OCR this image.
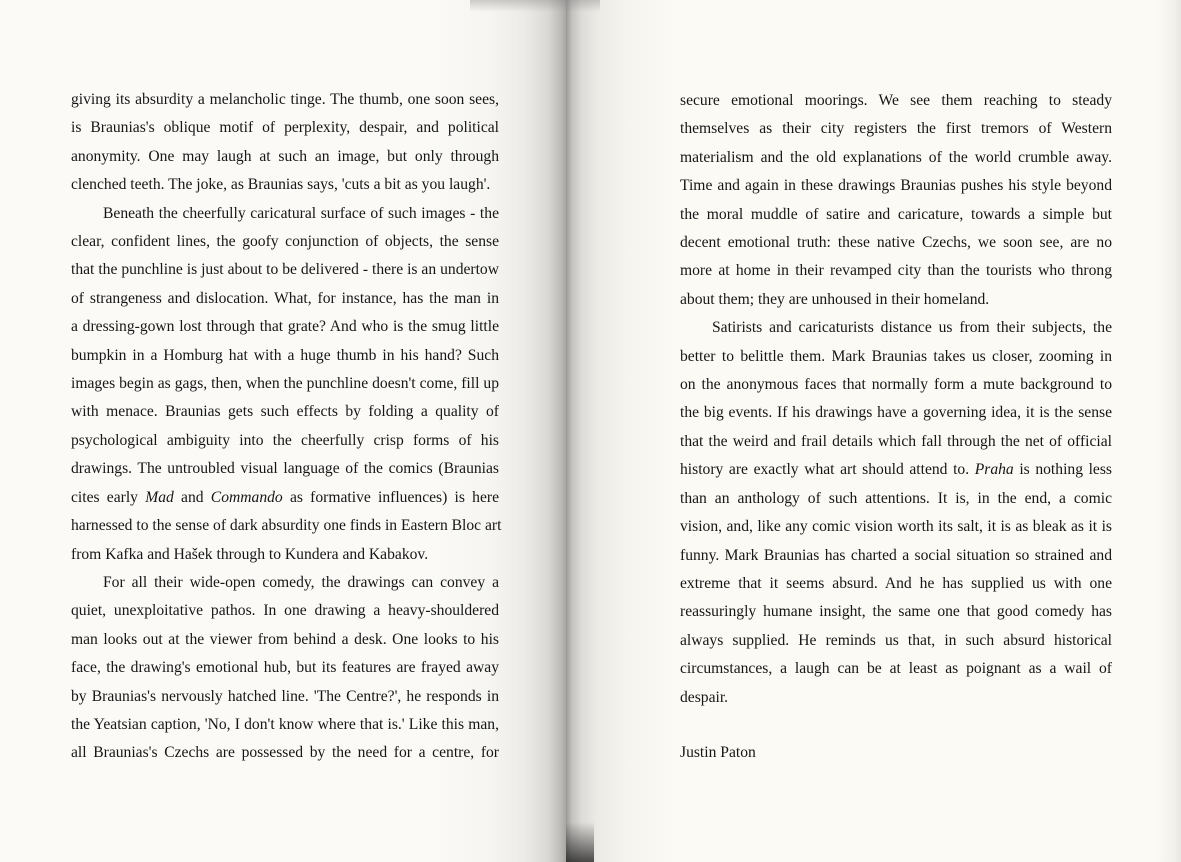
giving its absurdity a melancholic tinge. The thumb, one soon sees,
is Braunias's oblique motif of perplexity, despair, and political
anonymity. One may laugh at such an image, but only through
clenched teeth. The joke, as Braunias says, 'cuts a bit as you laugh'.
Beneath the cheerfully caricatural surface of such images - the
clear, confident lines, the goofy conjunction of objects, the sense
that the punchline is just about to be delivered - there is an undertow
of strangeness and dislocation. What, for instance, has the man in
a dressing-gown lost through that grate? And who is the smug little
bumpkin in a Homburg hat with a huge thumb in his hand? Such
images begin as gags, then, when the punchline doesn't come, fill up
with menace. Braunias gets such effects by folding a quality of
psychological ambiguity into the cheerfully crisp forms of his
drawings. The untroubled visual language of the comics (Braunias
cites early Mad and Commando as formative influences) is here
harnessed to the sense of dark absurdity one finds in Eastern Bloc art
from Kafka and Hašek through to Kundera and Kabakov.
For all their wide-open comedy, the drawings can convey a
quiet, unexploitative pathos. In one drawing a heavy-shouldered
man looks out at the viewer from behind a desk. One looks to his
face, the drawing's emotional hub, but its features are frayed away
by Braunias's nervously hatched line. 'The Centre?', he responds in
the Yeatsian caption, 'No, I don't know where that is.' Like this man,
all Braunias's Czechs are possessed by the need for a centre, for
secure emotional moorings. We see them reaching to steady
themselves as their city registers the first tremors of Western
materialism and the old explanations of the world crumble away.
Time and again in these drawings Braunias pushes his style beyond
the moral muddle of satire and caricature, towards a simple but
decent emotional truth: these native Czechs, we soon see, are no
more at home in their revamped city than the tourists who throng
about them; they are unhoused in their homeland.
Satirists and caricaturists distance us from their subjects, the
better to belittle them. Mark Braunias takes us closer, zooming in
on the anonymous faces that normally form a mute background to
the big events. If his drawings have a governing idea, it is the sense
that the weird and frail details which fall through the net of official
history are exactly what art should attend to. Praha is nothing less
than an anthology of such attentions. It is, in the end, a comic
vision, and, like any comic vision worth its salt, it is as bleak as it is
funny. Mark Braunias has charted a social situation so strained and
extreme that it seems absurd. And he has supplied us with one
reassuringly humane insight, the same one that good comedy has
always supplied. He reminds us that, in such absurd historical
circumstances, a laugh can be at least as poignant as a wail of
despair.
Justin Paton
